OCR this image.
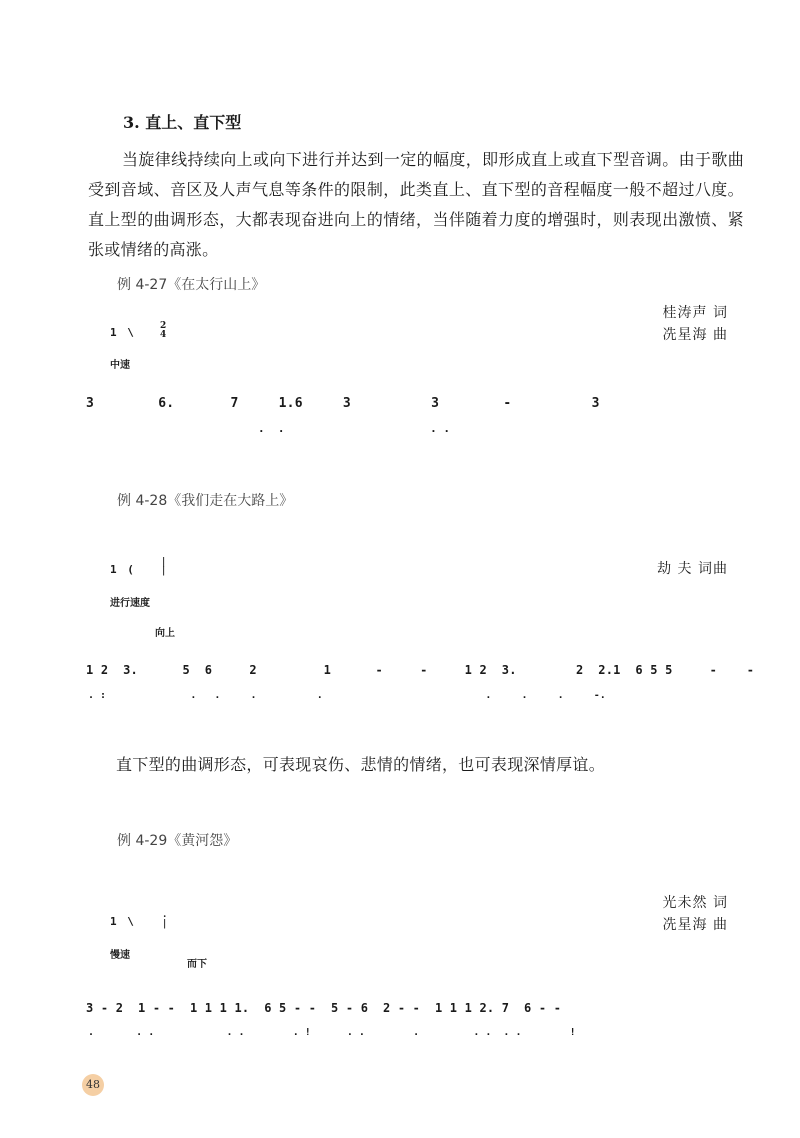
3. 直上、直下型
当旋律线持续向上或向下进行并达到一定的幅度，即形成直上或直下型音调。由于歌曲受到音域、音区及人声气息等条件的限制，此类直上、直下型的音程幅度一般不超过八度。直上型的曲调形态，大都表现奋进向上的情绪，当伴随着力度的增强时，则表现出激愤、紧张或情绪的高涨。
例 4-27《在太行山上》
桂涛声 词
冼星海 曲
1 \	2
4
中速
3        6.       7     1.6     3          3        -          3
.  .                      . .
例 4-28《我们走在大路上》
劫 夫 词曲
1 (
|
|
进行速度
向上
1 2  3.      5  6     2         1      -     -     1 2  3.        2  2.1  6 5 5     -    -
. :              .   .     .          .                           .     .     .     -.
直下型的曲调形态，可表现哀伤、悲情的情绪，也可表现深情厚谊。
例 4-29《黄河怨》
光未然 词
冼星海 曲
1 \	.
|
慢速
而下
3 - 2  1 - -  1 1 1 1.  6 5 - -  5 - 6  2 - -  1 1 1 2. 7  6 - -
.       . .            . .        . !      . .        .         . .  . .        !
48
